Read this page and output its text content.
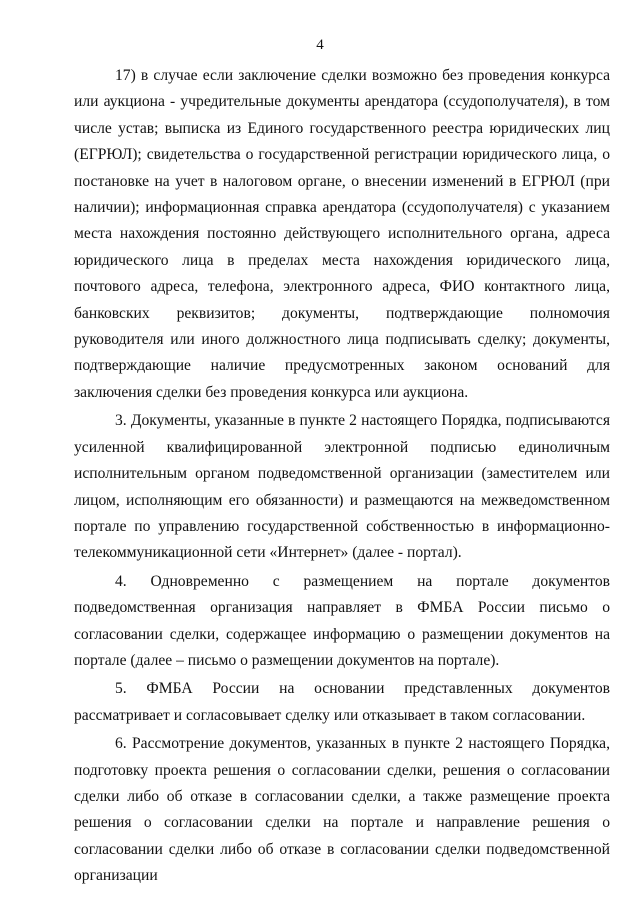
4

17) в случае если заключение сделки возможно без проведения конкурса или аукциона - учредительные документы арендатора (ссудополучателя), в том числе устав; выписка из Единого государственного реестра юридических лиц (ЕГРЮЛ); свидетельства о государственной регистрации юридического лица, о постановке на учет в налоговом органе, о внесении изменений в ЕГРЮЛ (при наличии); информационная справка арендатора (ссудополучателя) с указанием места нахождения постоянно действующего исполнительного органа, адреса юридического лица в пределах места нахождения юридического лица, почтового адреса, телефона, электронного адреса, ФИО контактного лица, банковских реквизитов; документы, подтверждающие полномочия руководителя или иного должностного лица подписывать сделку; документы, подтверждающие наличие предусмотренных законом оснований для заключения сделки без проведения конкурса или аукциона.

3. Документы, указанные в пункте 2 настоящего Порядка, подписываются усиленной квалифицированной электронной подписью единоличным исполнительным органом подведомственной организации (заместителем или лицом, исполняющим его обязанности) и размещаются на межведомственном портале по управлению государственной собственностью в информационно-телекоммуникационной сети «Интернет» (далее - портал).

4. Одновременно с размещением на портале документов подведомственная организация направляет в ФМБА России письмо о согласовании сделки, содержащее информацию о размещении документов на портале (далее – письмо о размещении документов на портале).

5. ФМБА России на основании представленных документов рассматривает и согласовывает сделку или отказывает в таком согласовании.

6. Рассмотрение документов, указанных в пункте 2 настоящего Порядка, подготовку проекта решения о согласовании сделки, решения о согласовании сделки либо об отказе в согласовании сделки, а также размещение проекта решения о согласовании сделки на портале и направление решения о согласовании сделки либо об отказе в согласовании сделки подведомственной организации
